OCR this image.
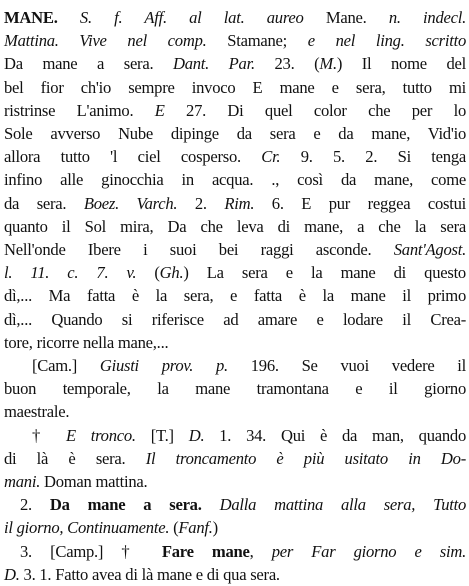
MANE. S. f. Aff. al lat. aureo Mane. n. indecl.
Mattina. Vive nel comp. Stamane; e nel ling. scritto
Da mane a sera. Dant. Par. 23. (M.) Il nome del
bel fior ch'io sempre invoco E mane e sera, tutto mi
ristrinse L'animo. E 27. Di quel color che per lo
Sole avverso Nube dipinge da sera e da mane, Vid'io
allora tutto 'l ciel cosperso. Cr. 9. 5. 2. Si tenga
infino alle ginocchia in acqua. ., così da mane, come
da sera. Boez. Varch. 2. Rim. 6. E pur reggea costui
quanto il Sol mira, Da che leva di mane, a che la sera
Nell'onde Ibere i suoi bei raggi asconde. Sant'Agost.
l. 11. c. 7. v. (Gh.) La sera e la mane di questo
dì,... Ma fatta è la sera, e fatta è la mane il primo
dì,... Quando si riferisce ad amare e lodare il Crea-
tore, ricorre nella mane,...
[Cam.] Giusti prov. p. 196. Se vuoi vedere il
buon temporale, la mane tramontana e il giorno
maestrale.
† E tronco. [T.] D. 1. 34. Qui è da man, quando
di là è sera. Il troncamento è più usitato in Do-
mani. Doman mattina.
2. Da mane a sera. Dalla mattina alla sera, Tutto
il giorno, Continuamente. (Fanf.)
3. [Camp.] † Fare mane, per Far giorno e sim.
D. 3. 1. Fatto avea di là mane e di qua sera.
